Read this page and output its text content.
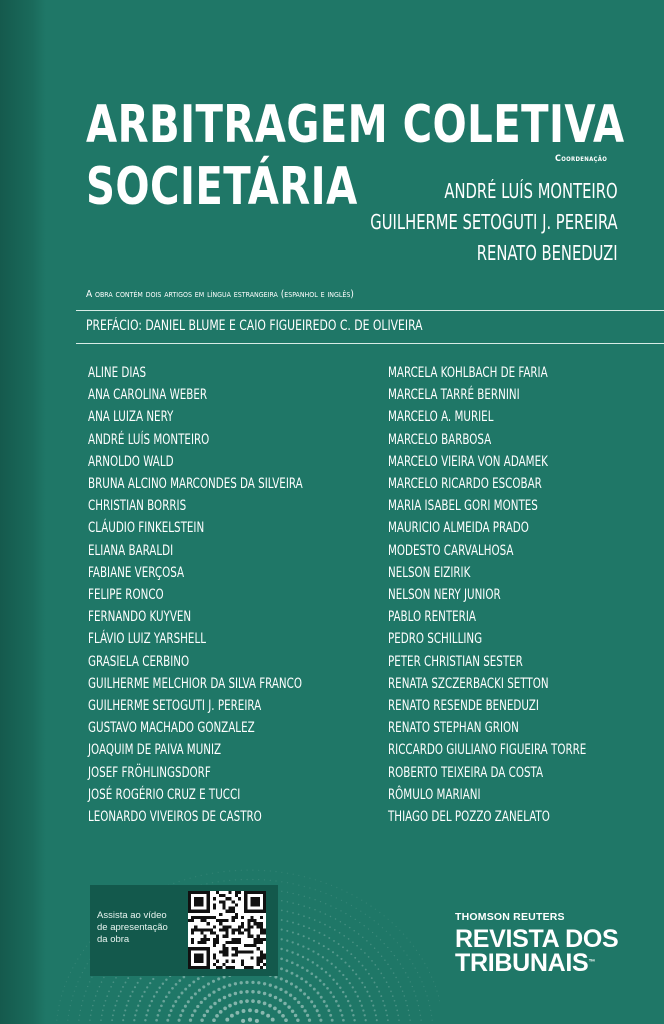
ARBITRAGEM COLETIVA
SOCIETÁRIA	Coordenação
ANDRÉ LUÍS MONTEIRO
GUILHERME SETOGUTI J. PEREIRA
RENATO BENEDUZI
A obra contém dois artigos em língua estrangeira (espanhol e inglês)
PREFÁCIO: DANIEL BLUME E CAIO FIGUEIREDO C. DE OLIVEIRA
ALINE DIAS
ANA CAROLINA WEBER
ANA LUIZA NERY
ANDRÉ LUÍS MONTEIRO
ARNOLDO WALD
BRUNA ALCINO MARCONDES DA SILVEIRA
CHRISTIAN BORRIS
CLÁUDIO FINKELSTEIN
ELIANA BARALDI
FABIANE VERÇOSA
FELIPE RONCO
FERNANDO KUYVEN
FLÁVIO LUIZ YARSHELL
GRASIELA CERBINO
GUILHERME MELCHIOR DA SILVA FRANCO
GUILHERME SETOGUTI J. PEREIRA
GUSTAVO MACHADO GONZALEZ
JOAQUIM DE PAIVA MUNIZ
JOSEF FRÖHLINGSDORF
JOSÉ ROGÉRIO CRUZ E TUCCI
LEONARDO VIVEIROS DE CASTRO
MARCELA KOHLBACH DE FARIA
MARCELA TARRÉ BERNINI
MARCELO A. MURIEL
MARCELO BARBOSA
MARCELO VIEIRA VON ADAMEK
MARCELO RICARDO ESCOBAR
MARIA ISABEL GORI MONTES
MAURICIO ALMEIDA PRADO
MODESTO CARVALHOSA
NELSON EIZIRIK
NELSON NERY JUNIOR
PABLO RENTERIA
PEDRO SCHILLING
PETER CHRISTIAN SESTER
RENATA SZCZERBACKI SETTON
RENATO RESENDE BENEDUZI
RENATO STEPHAN GRION
RICCARDO GIULIANO FIGUEIRA TORRE
ROBERTO TEIXEIRA DA COSTA
RÔMULO MARIANI
THIAGO DEL POZZO ZANELATO
Assista ao vídeo
de apresentação
da obra
THOMSON REUTERS
REVISTA DOS
TRIBUNAIS™
